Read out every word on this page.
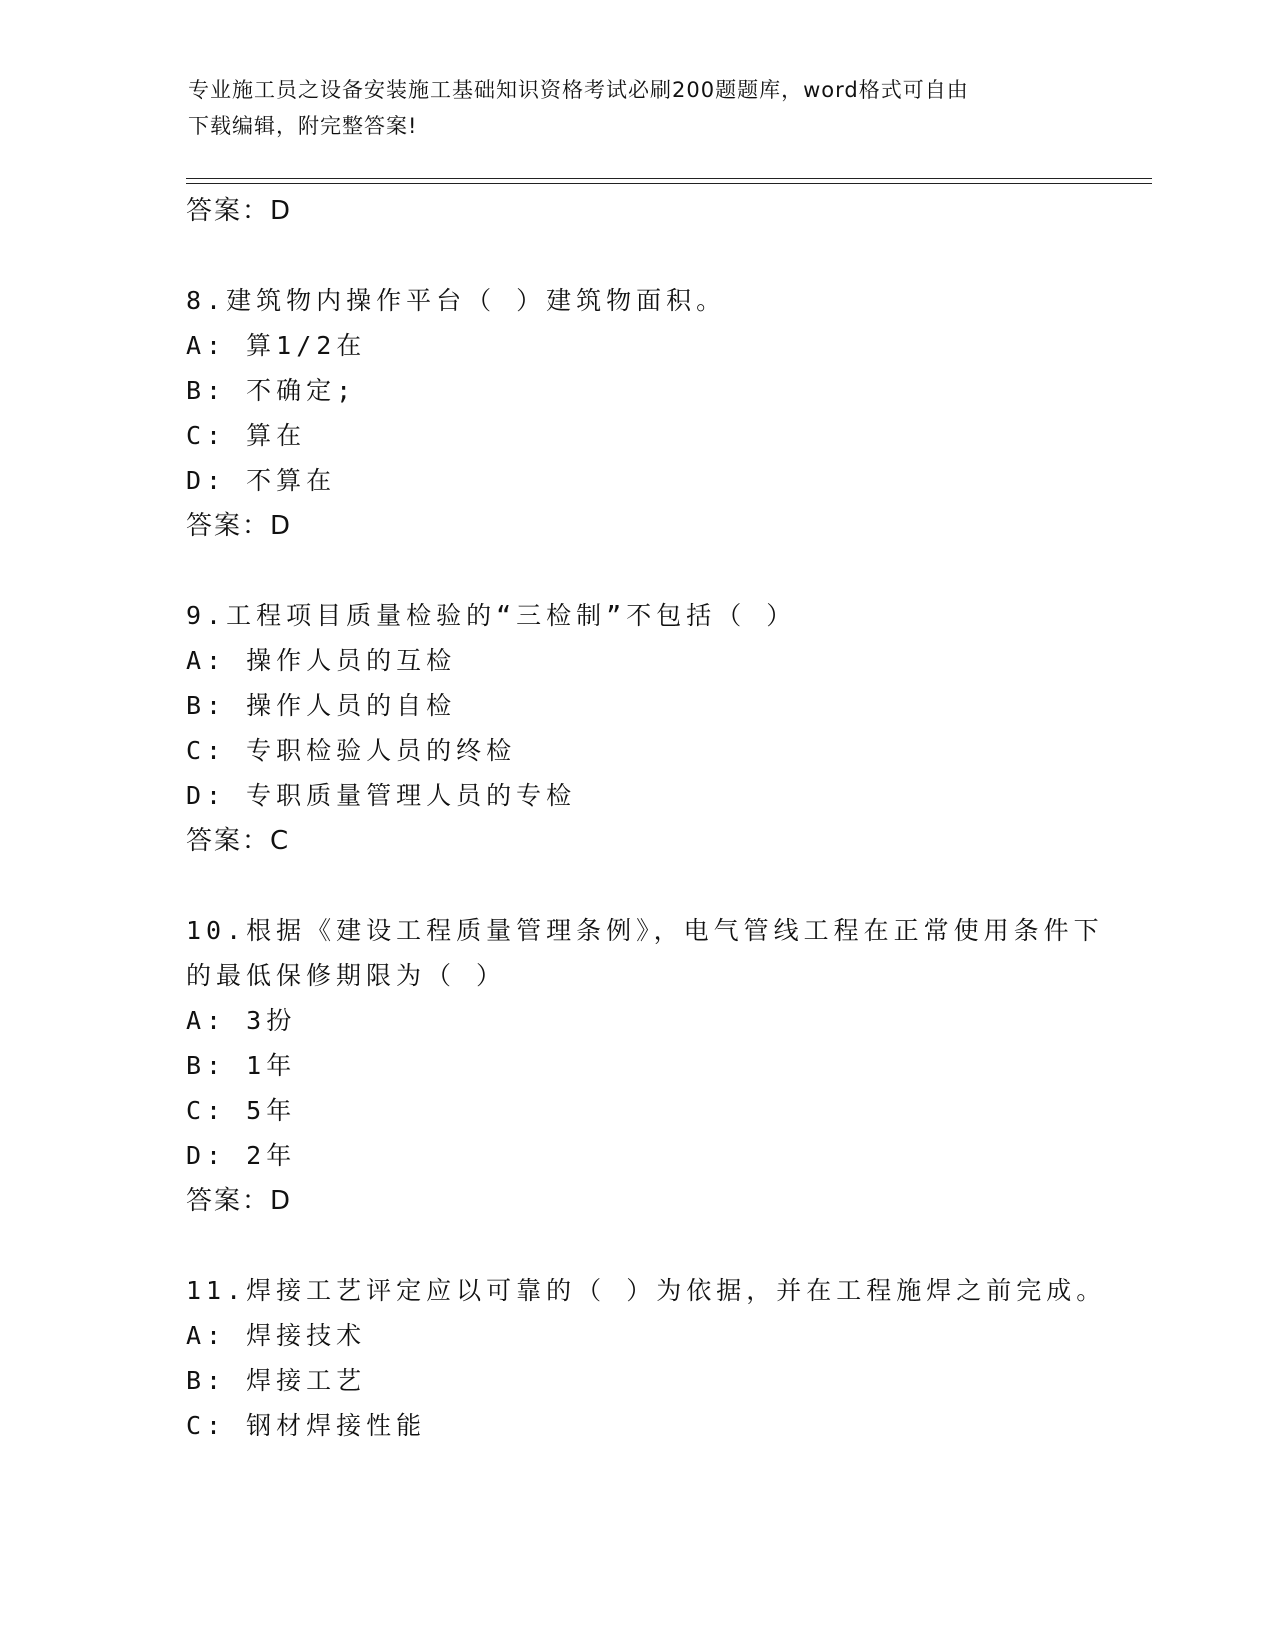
专业施工员之设备安装施工基础知识资格考试必刷200题题库，word格式可自由
下载编辑，附完整答案!

答案：D

8.建筑物内操作平台（ ）建筑物面积。

A: 算1/2在

B: 不确定;

C: 算在

D: 不算在

答案：D

9.工程项目质量检验的“三检制”不包括（ ）

A: 操作人员的互检

B: 操作人员的自检

C: 专职检验人员的终检

D: 专职质量管理人员的专检

答案：C

10.根据《建设工程质量管理条例》，电气管线工程在正常使用条件下

的最低保修期限为（ ）

A: 3扮

B: 1年

C: 5年

D: 2年

答案：D

11.焊接工艺评定应以可靠的（ ）为依据，并在工程施焊之前完成。

A: 焊接技术

B: 焊接工艺

C: 钢材焊接性能
